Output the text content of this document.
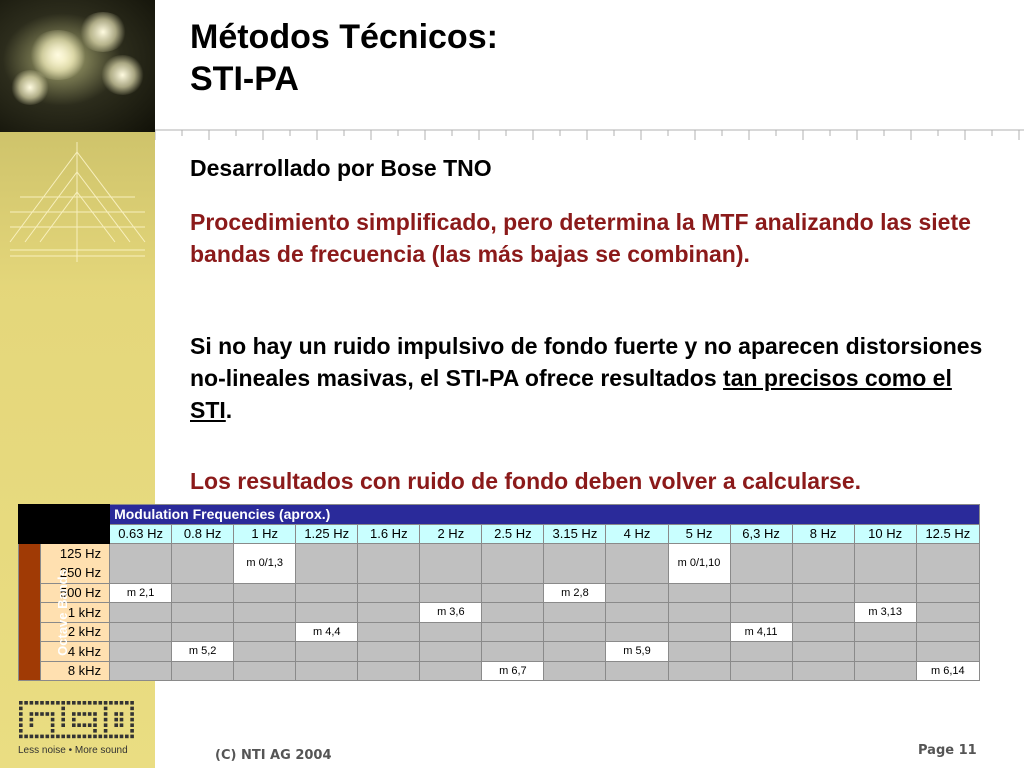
Métodos Técnicos:
STI-PA
Desarrollado por Bose TNO
Procedimiento simplificado, pero determina la MTF analizando las siete bandas de frecuencia (las más bajas se combinan).
Si no hay un ruido impulsivo de fondo fuerte y no aparecen distorsiones no-lineales masivas, el STI-PA ofrece resultados tan precisos como el STI.
Los resultados con ruido de fondo deben volver a calcularse.
		Modulation Frequencies (aprox.)													
		0.63 Hz	0.8 Hz	1 Hz	1.25 Hz	1.6 Hz	2 Hz	2.5 Hz	3.15 Hz	4 Hz	5 Hz	6,3 Hz	8 Hz	10 Hz	12.5 Hz
Octave Bands	125 Hz
250 Hz			m 0/1,3							m 0/1,10				

	500 Hz	m 2,1							m 2,8						
	1 kHz						m 3,6							m 3,13	
	2 kHz				m 4,4							m 4,11			
	4 kHz		m 5,2							m 5,9					
	8 kHz							m 6,7							m 6,14
Less noise • More sound	(C) NTI AG 2004	Page 11
